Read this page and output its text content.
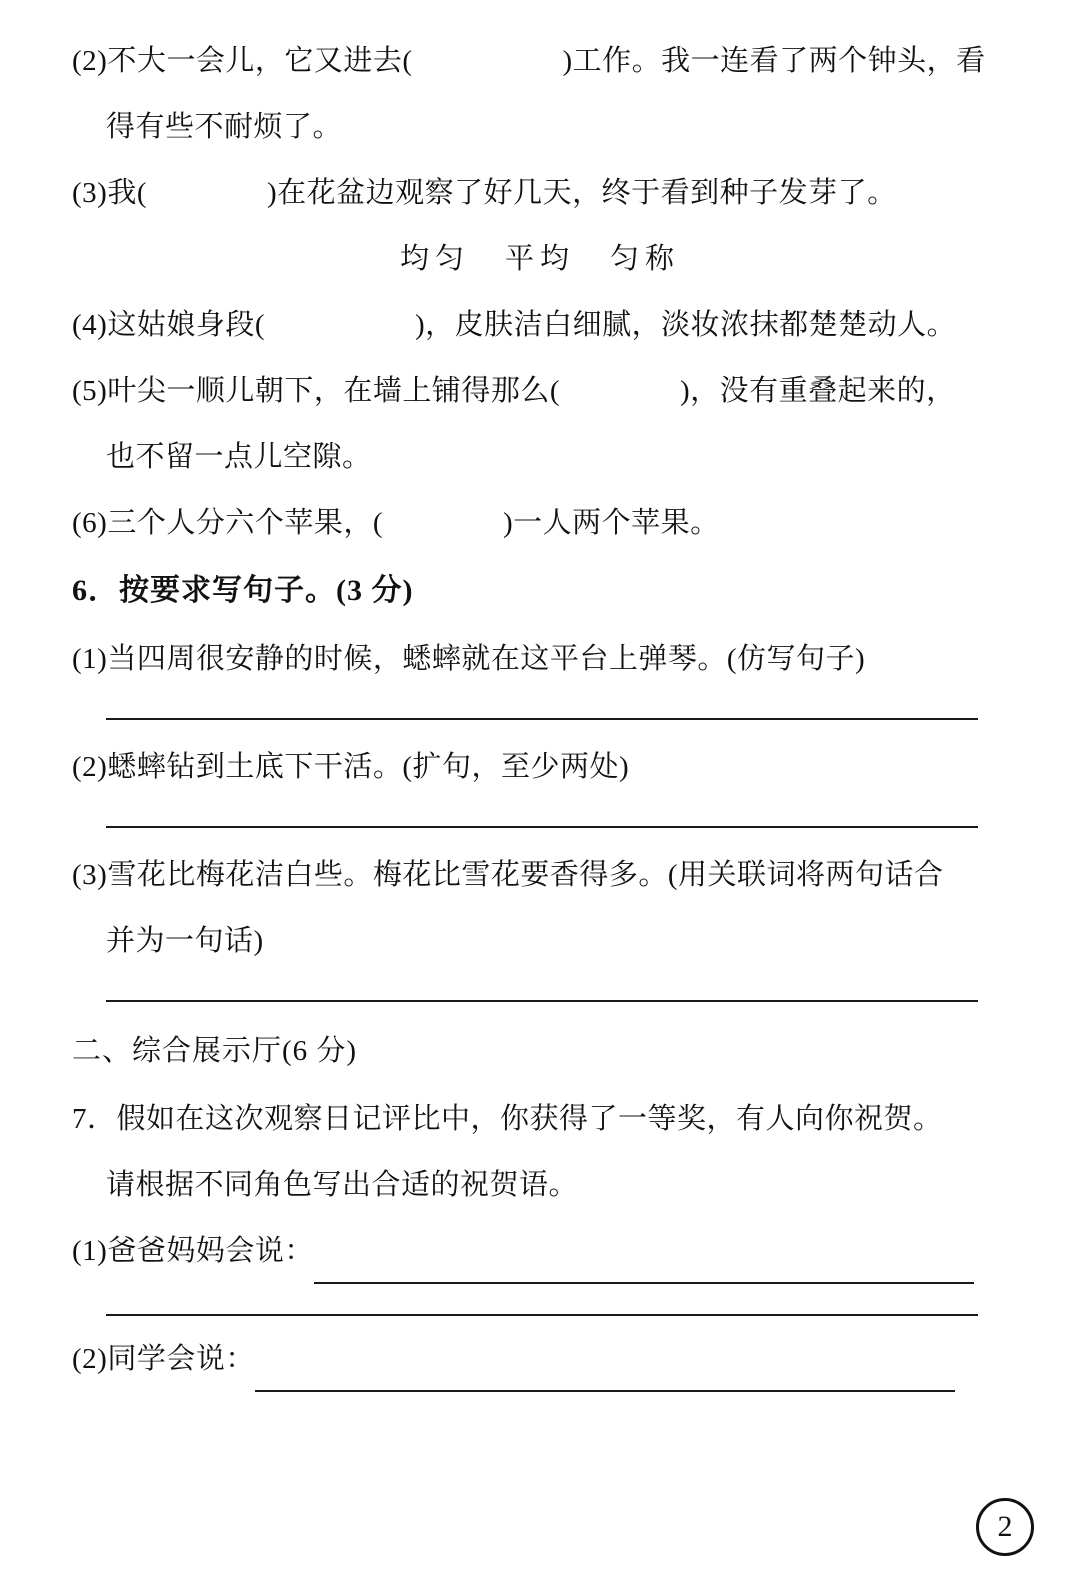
(2)不大一会儿，它又进去(	)工作。我一连看了两个钟头，看
得有些不耐烦了。
(3)我(	)在花盆边观察了好几天，终于看到种子发芽了。
均匀　平均　匀称
(4)这姑娘身段(	)，皮肤洁白细腻，淡妆浓抹都楚楚动人。
(5)叶尖一顺儿朝下，在墙上铺得那么(	)，没有重叠起来的，
也不留一点儿空隙。
(6)三个人分六个苹果，(	)一人两个苹果。
6．按要求写句子。(3 分)
(1)当四周很安静的时候，蟋蟀就在这平台上弹琴。(仿写句子)
(2)蟋蟀钻到土底下干活。(扩句，至少两处)
(3)雪花比梅花洁白些。梅花比雪花要香得多。(用关联词将两句话合
并为一句话)
二、综合展示厅(6 分)
7．假如在这次观察日记评比中，你获得了一等奖，有人向你祝贺。
请根据不同角色写出合适的祝贺语。
(1)爸爸妈妈会说：
(2)同学会说：
2
